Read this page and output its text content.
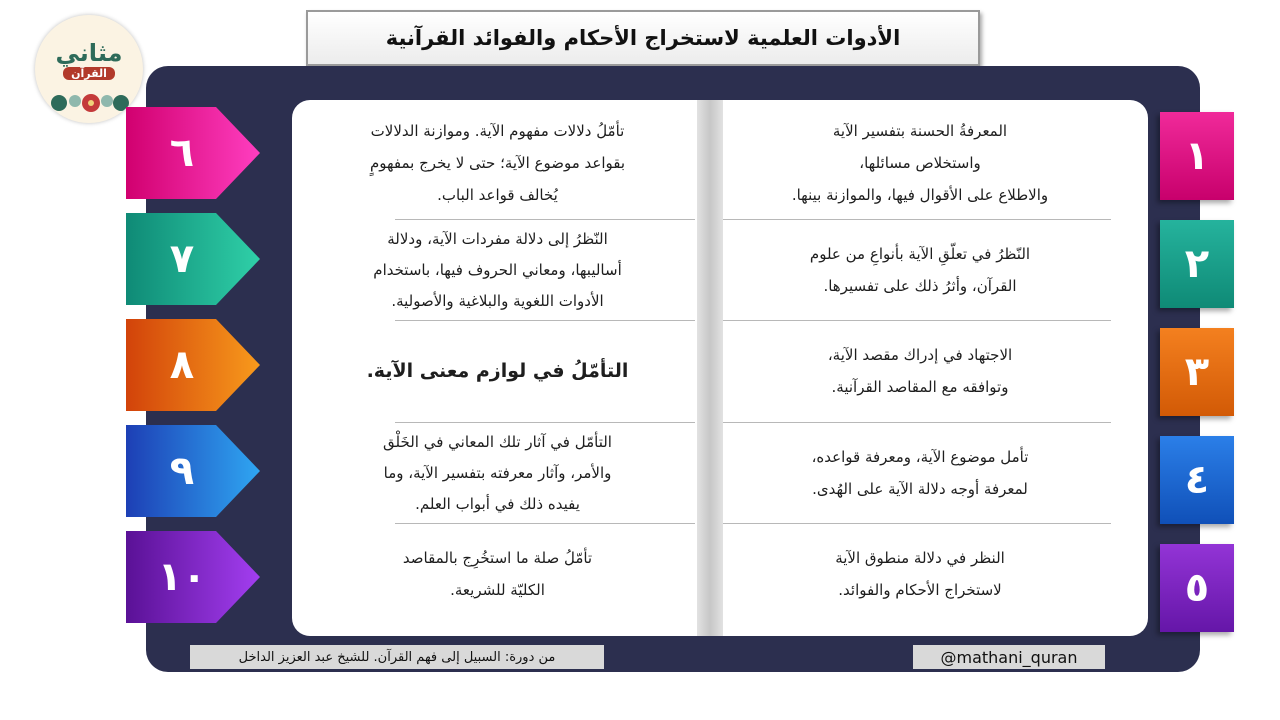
الأدوات العلمية لاستخراج الأحكام والفوائد القرآنية
مثاني
القرآن
المعرفةُ الحسنة بتفسير الآية
واستخلاص مسائلها،
والاطلاع على الأقوال فيها، والموازنة بينها.
النّظرُ في تعلّقِ الآية بأنواعِ من علوم
القرآن، وأثرُ ذلك على تفسيرها.
الاجتهاد في إدراك مقصد الآية،
وتوافقه مع المقاصد القرآنية.
تأمل موضوع الآية، ومعرفة قواعده،
لمعرفة أوجه دلالة الآية على الهُدى.
النظر في دلالة منطوق الآية
لاستخراج الأحكام والفوائد.
تأمّلُ دلالات مفهوم الآية. وموازنة الدلالات
بقواعد موضوع الآية؛ حتى لا يخرج بمفهومٍ
يُخالف قواعد الباب.
النّظرُ إلى دلالة مفردات الآية، ودلالة
أساليبها، ومعاني الحروف فيها، باستخدام
الأدوات اللغوية والبلاغية والأصولية.
التأمّلُ في لوازم معنى الآية.
التأمّل في آثار تلك المعاني في الخَلْق
والأمر، وآثار معرفته بتفسير الآية، وما
يفيده ذلك في أبواب العلم.
تأمّلُ صلة ما استخُرِج بالمقاصد
الكليّة للشريعة.
١
٢
٣
٤
٥
٦
٧
٨
٩
١٠
من دورة: السبيل إلى فهم القرآن. للشيخ عبد العزيز الداخل	@mathani_quran
